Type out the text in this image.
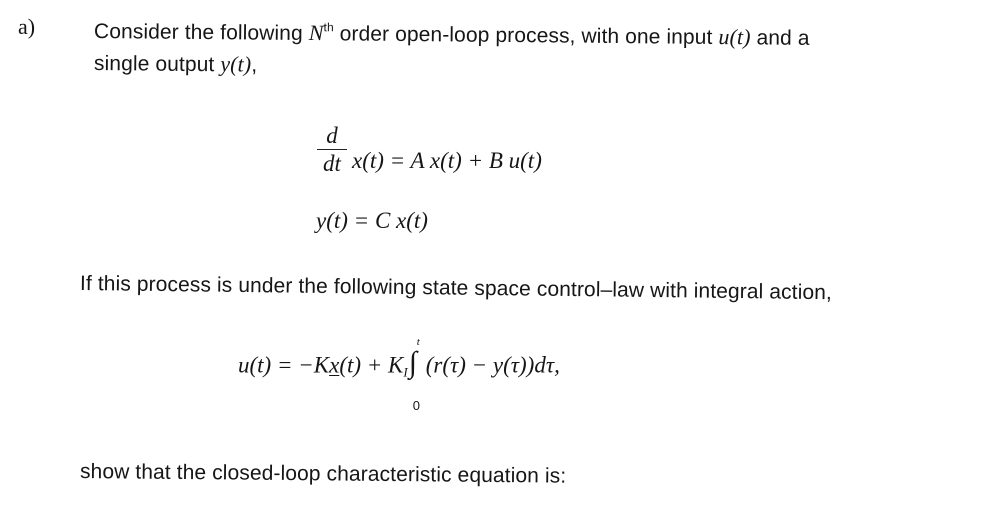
a)	Consider the following $N^{th}$ order open-loop process, with one input u(t) and a
single output y(t),
d
dt x(t) = A x(t) + B u(t)
y(t) = C x(t)
If this process is under the following state space control–law with integral action,
$u(t) = -Kx(t) + K_I$ ∫
t
0
(r(τ) − y(τ))dτ,
show that the closed-loop characteristic equation is:
